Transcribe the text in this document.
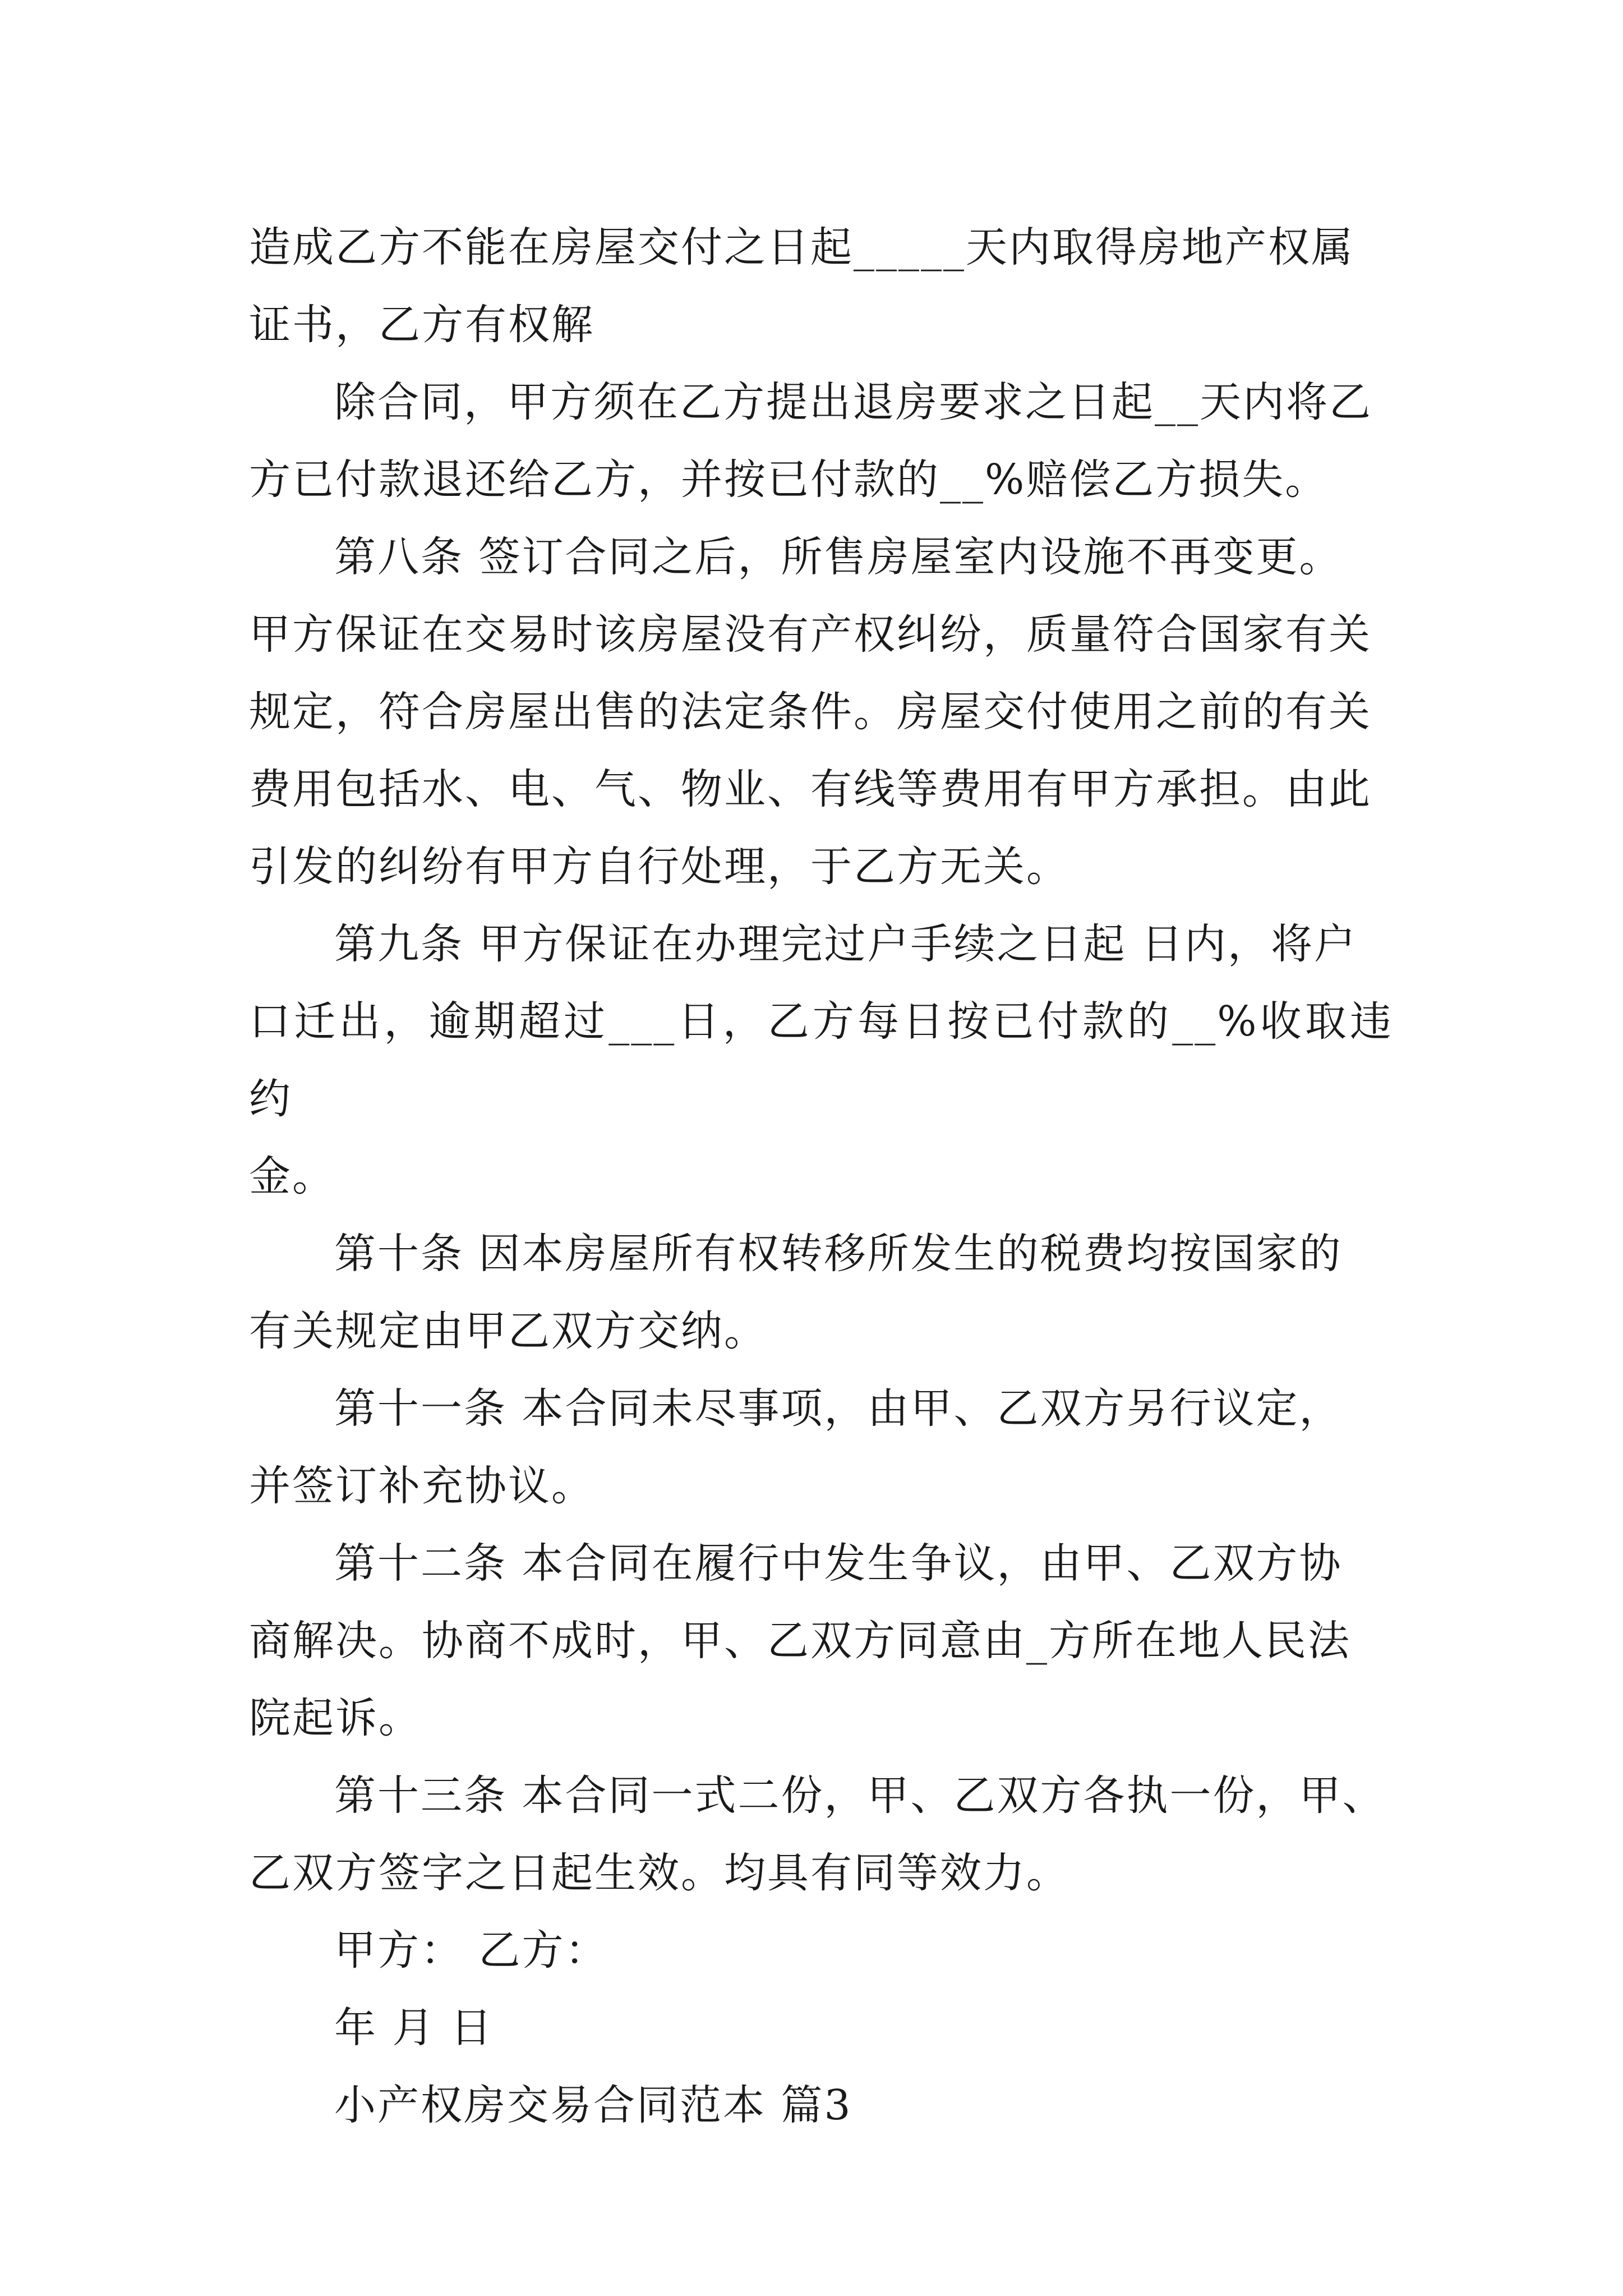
造成乙方不能在房屋交付之日起_____天内取得房地产权属
证书，乙方有权解

除合同，甲方须在乙方提出退房要求之日起__天内将乙
方已付款退还给乙方，并按已付款的__%赔偿乙方损失。

第八条 签订合同之后，所售房屋室内设施不再变更。
甲方保证在交易时该房屋没有产权纠纷，质量符合国家有关
规定，符合房屋出售的法定条件。房屋交付使用之前的有关
费用包括水、电、气、物业、有线等费用有甲方承担。由此
引发的纠纷有甲方自行处理，于乙方无关。

第九条 甲方保证在办理完过户手续之日起 日内，将户
口迁出，逾期超过___日，乙方每日按已付款的__%收取违约
金。

第十条 因本房屋所有权转移所发生的税费均按国家的
有关规定由甲乙双方交纳。

第十一条 本合同未尽事项，由甲、乙双方另行议定，
并签订补充协议。

第十二条 本合同在履行中发生争议，由甲、乙双方协
商解决。协商不成时，甲、乙双方同意由_方所在地人民法
院起诉。

第十三条 本合同一式二份，甲、乙双方各执一份，甲、
乙双方签字之日起生效。均具有同等效力。

甲方： 乙方：

年 月 日

小产权房交易合同范本 篇3
